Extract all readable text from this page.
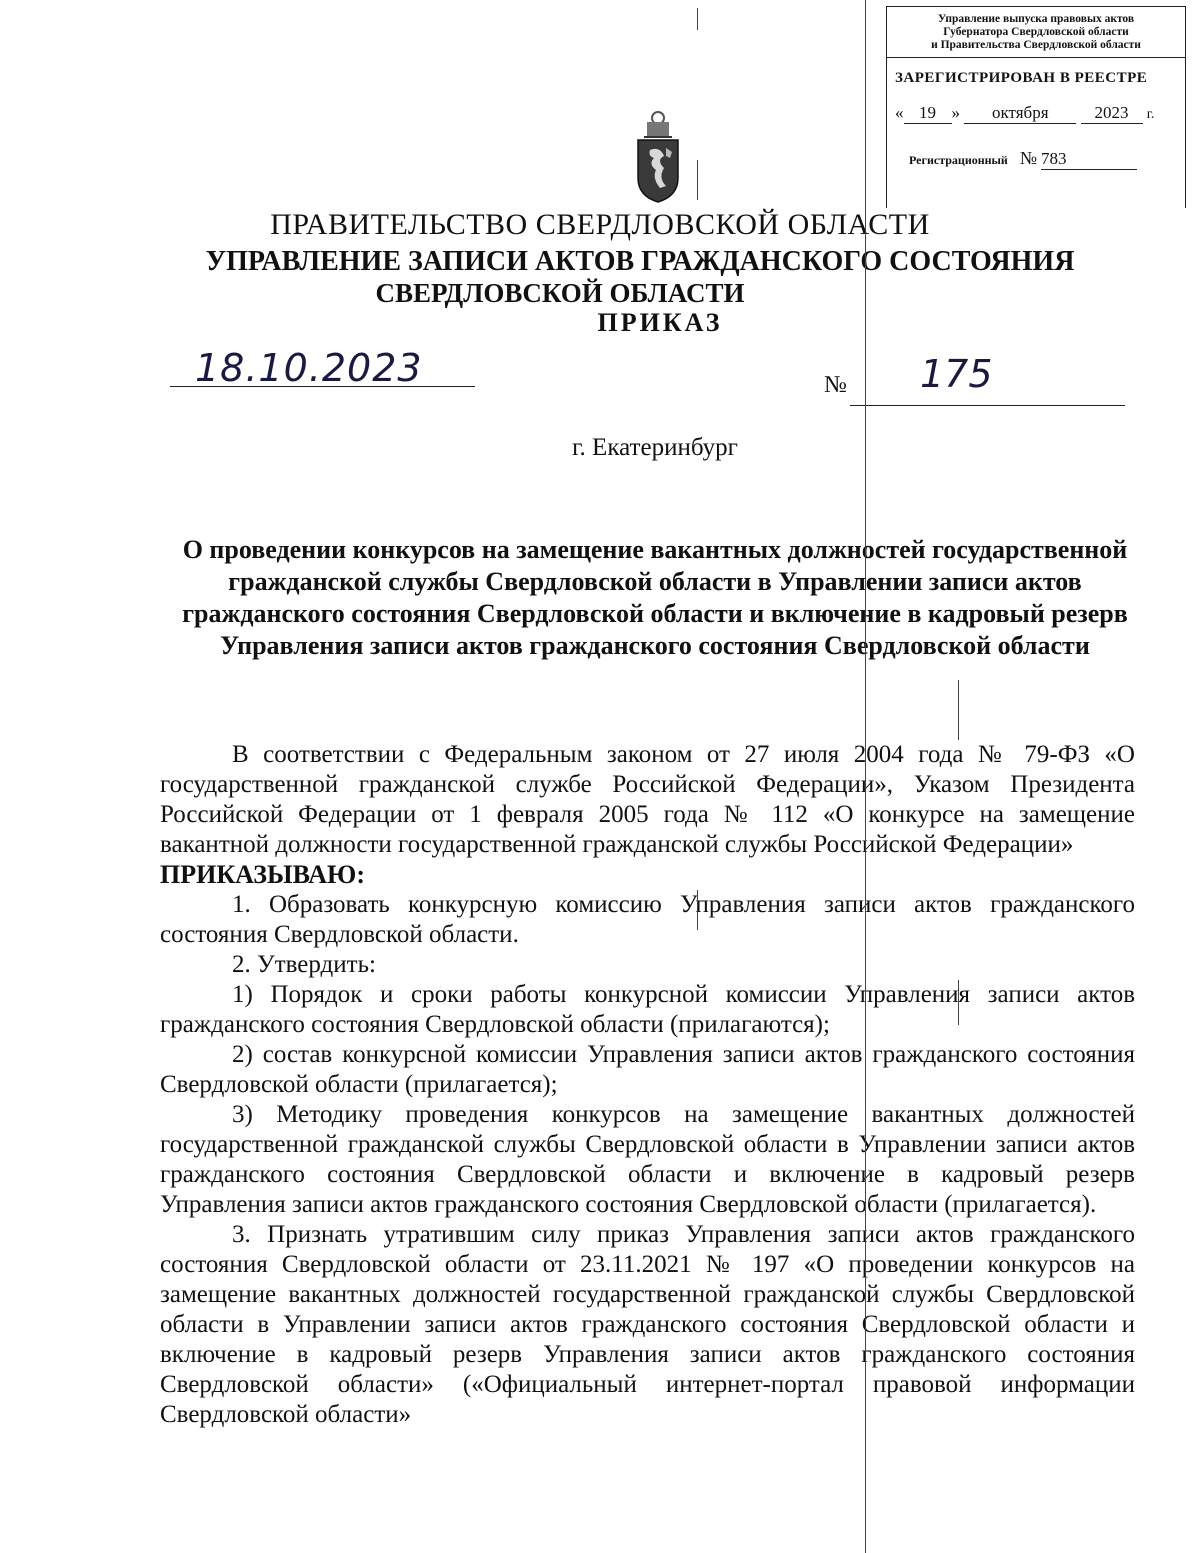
Управление выпуска правовых актов
Губернатора Свердловской области
и Правительства Свердловской области
ЗАРЕГИСТРИРОВАН В РЕЕСТРЕ
« 19 » октября	2023 г.
Регистрационный № 783
ПРАВИТЕЛЬСТВО СВЕРДЛОВСКОЙ ОБЛАСТИ
УПРАВЛЕНИЕ ЗАПИСИ АКТОВ ГРАЖДАНСКОГО СОСТОЯНИЯ
СВЕРДЛОВСКОЙ ОБЛАСТИ
ПРИКАЗ
18.10.2023	№ 175
г. Екатеринбург
О проведении конкурсов на замещение вакантных должностей государственной гражданской службы Свердловской области в Управлении записи актов гражданского состояния Свердловской области и включение в кадровый резерв Управления записи актов гражданского состояния Свердловской области

В соответствии с Федеральным законом от 27 июля 2004 года № 79-ФЗ «О государственной гражданской службе Российской Федерации», Указом Президента Российской Федерации от 1 февраля 2005 года № 112 «О конкурсе на замещение вакантной должности государственной гражданской службы Российской Федерации»

ПРИКАЗЫВАЮ:

1. Образовать конкурсную комиссию Управления записи актов гражданского состояния Свердловской области.

2. Утвердить:

1) Порядок и сроки работы конкурсной комиссии Управления записи актов гражданского состояния Свердловской области (прилагаются);

2) состав конкурсной комиссии Управления записи актов гражданского состояния Свердловской области (прилагается);

3) Методику проведения конкурсов на замещение вакантных должностей государственной гражданской службы Свердловской области в Управлении записи актов гражданского состояния Свердловской области и включение в кадровый резерв Управления записи актов гражданского состояния Свердловской области (прилагается).

3. Признать утратившим силу приказ Управления записи актов гражданского состояния Свердловской области от 23.11.2021 № 197 «О проведении конкурсов на замещение вакантных должностей государственной гражданской службы Свердловской области в Управлении записи актов гражданского состояния Свердловской области и включение в кадровый резерв Управления записи актов гражданского состояния Свердловской области» («Официальный интернет-портал правовой информации Свердловской области»
